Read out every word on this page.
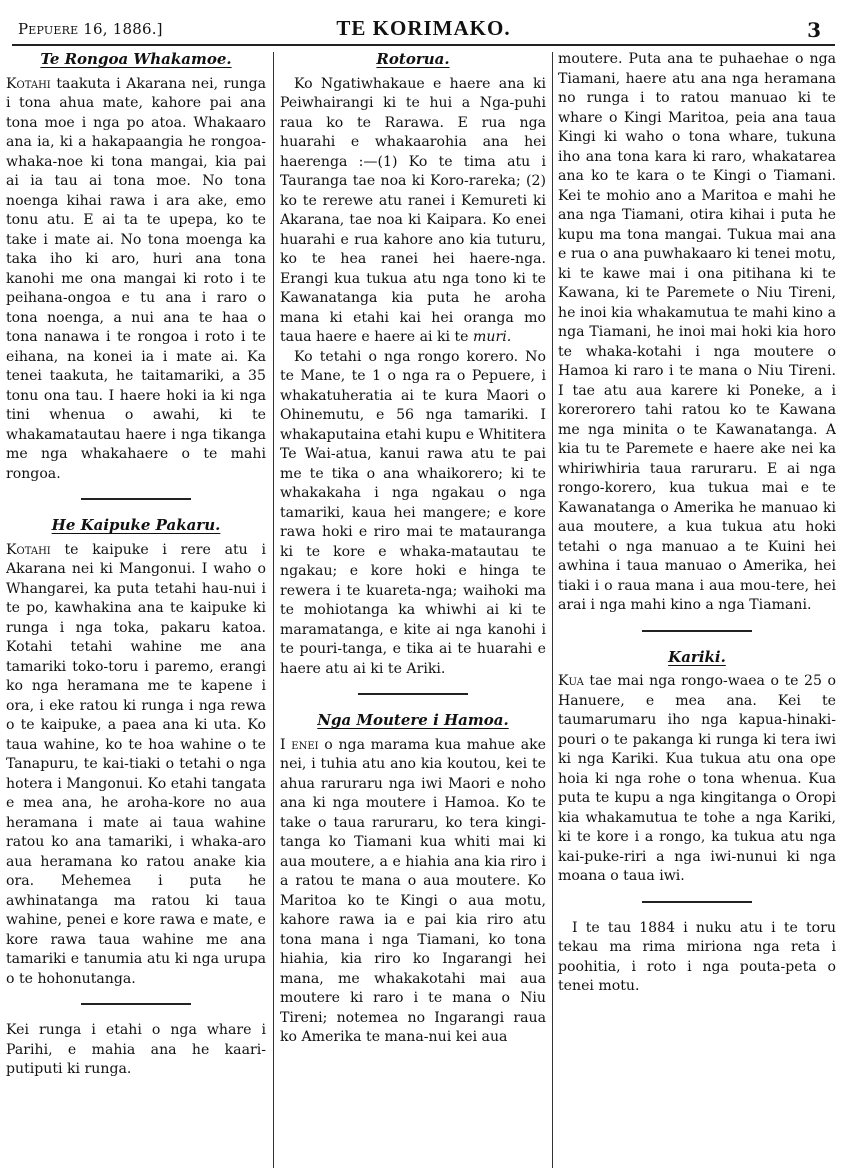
Pepuere 16, 1886.]	TE KORIMAKO.	3
Te Rongoa Whakamoe.

Kotahi taakuta i Akarana nei, runga i tona ahua mate, kahore pai ana tona moe i nga po atoa. Whakaaro ana ia, ki a hakapaangia he rongoa-whaka-noe ki tona mangai, kia pai ai ia tau ai tona moe. No tona noenga kihai rawa i ara ake, emo tonu atu. E ai ta te upepa, ko te take i mate ai. No tona moenga ka taka iho ki aro, huri ana tona kanohi me ona mangai ki roto i te peihana-ongoa e tu ana i raro o tona noenga, a nui ana te haa o tona nanawa i te rongoa i roto i te eihana, na konei ia i mate ai. Ka tenei taakuta, he taitamariki, a 35 tonu ona tau. I haere hoki ia ki nga tini whenua o awahi, ki te whakamatautau haere i nga tikanga me nga whakahaere o te mahi rongoa.

He Kaipuke Pakaru.

Kotahi te kaipuke i rere atu i Akarana nei ki Mangonui. I waho o Whangarei, ka puta tetahi hau-nui i te po, kawhakina ana te kaipuke ki runga i nga toka, pakaru katoa. Kotahi tetahi wahine me ana tamariki toko-toru i paremo, erangi ko nga heramana me te kapene i ora, i eke ratou ki runga i nga rewa o te kaipuke, a paea ana ki uta. Ko taua wahine, ko te hoa wahine o te Tanapuru, te kai-tiaki o tetahi o nga hotera i Mangonui. Ko etahi tangata e mea ana, he aroha-kore no aua heramana i mate ai taua wahine ratou ko ana tamariki, i whaka-aro aua heramana ko ratou anake kia ora. Mehemea i puta he awhinatanga ma ratou ki taua wahine, penei e kore rawa e mate, e kore rawa taua wahine me ana tamariki e tanumia atu ki nga urupa o te hohonutanga.

Kei runga i etahi o nga whare i Parihi, e mahia ana he kaari-putiputi ki runga.

Rotorua.

Ko Ngatiwhakaue e haere ana ki Peiwhairangi ki te hui a Nga-puhi raua ko te Rarawa. E rua nga huarahi e whakaarohia ana hei haerenga :—(1) Ko te tima atu i Tauranga tae noa ki Koro-rareka; (2) ko te rerewe atu ranei i Kemureti ki Akarana, tae noa ki Kaipara. Ko enei huarahi e rua kahore ano kia tuturu, ko te hea ranei hei haere-nga. Erangi kua tukua atu nga tono ki te Kawanatanga kia puta he aroha mana ki etahi kai hei oranga mo taua haere e haere ai ki te muri.

Ko tetahi o nga rongo korero. No te Mane, te 1 o nga ra o Pepuere, i whakatuheratia ai te kura Maori o Ohinemutu, e 56 nga tamariki. I whakaputaina etahi kupu e Whititera Te Wai-atua, kanui rawa atu te pai me te tika o ana whaikorero; ki te whakakaha i nga ngakau o nga tamariki, kaua hei mangere; e kore rawa hoki e riro mai te matauranga ki te kore e whaka-matautau te ngakau; e kore hoki e hinga te rewera i te kuareta-nga; waihoki ma te mohiotanga ka whiwhi ai ki te maramatanga, e kite ai nga kanohi i te pouri-tanga, e tika ai te huarahi e haere atu ai ki te Ariki.

Nga Moutere i Hamoa.

I enei o nga marama kua mahue ake nei, i tuhia atu ano kia koutou, kei te ahua raruraru nga iwi Maori e noho ana ki nga moutere i Hamoa. Ko te take o taua raruraru, ko tera kingi-tanga ko Tiamani kua whiti mai ki aua moutere, a e hiahia ana kia riro i a ratou te mana o aua moutere. Ko Maritoa ko te Kingi o aua motu, kahore rawa ia e pai kia riro atu tona mana i nga Tiamani, ko tona hiahia, kia riro ko Ingarangi hei mana, me whakakotahi mai aua moutere ki raro i te mana o Niu Tireni; notemea no Ingarangi raua ko Amerika te mana-nui kei aua

moutere. Puta ana te puhaehae o nga Tiamani, haere atu ana nga heramana no runga i to ratou manuao ki te whare o Kingi Maritoa, peia ana taua Kingi ki waho o tona whare, tukuna iho ana tona kara ki raro, whakatarea ana ko te kara o te Kingi o Tiamani. Kei te mohio ano a Maritoa e mahi he ana nga Tiamani, otira kihai i puta he kupu ma tona mangai. Tukua mai ana e rua o ana puwhakaaro ki tenei motu, ki te kawe mai i ona pitihana ki te Kawana, ki te Paremete o Niu Tireni, he inoi kia whakamutua te mahi kino a nga Tiamani, he inoi mai hoki kia horo te whaka-kotahi i nga moutere o Hamoa ki raro i te mana o Niu Tireni. I tae atu aua karere ki Poneke, a i korerorero tahi ratou ko te Kawana me nga minita o te Kawanatanga. A kia tu te Paremete e haere ake nei ka whiriwhiria taua raruraru. E ai nga rongo-korero, kua tukua mai e te Kawanatanga o Amerika he manuao ki aua moutere, a kua tukua atu hoki tetahi o nga manuao a te Kuini hei awhina i taua manuao o Amerika, hei tiaki i o raua mana i aua mou-tere, hei arai i nga mahi kino a nga Tiamani.

Kariki.

Kua tae mai nga rongo-waea o te 25 o Hanuere, e mea ana. Kei te taumarumaru iho nga kapua-hinaki-pouri o te pakanga ki runga ki tera iwi ki nga Kariki. Kua tukua atu ona ope hoia ki nga rohe o tona whenua. Kua puta te kupu a nga kingitanga o Oropi kia whakamutua te tohe a nga Kariki, ki te kore i a rongo, ka tukua atu nga kai-puke-riri a nga iwi-nunui ki nga moana o taua iwi.

I te tau 1884 i nuku atu i te toru tekau ma rima miriona nga reta i poohitia, i roto i nga pouta-peta o tenei motu.
